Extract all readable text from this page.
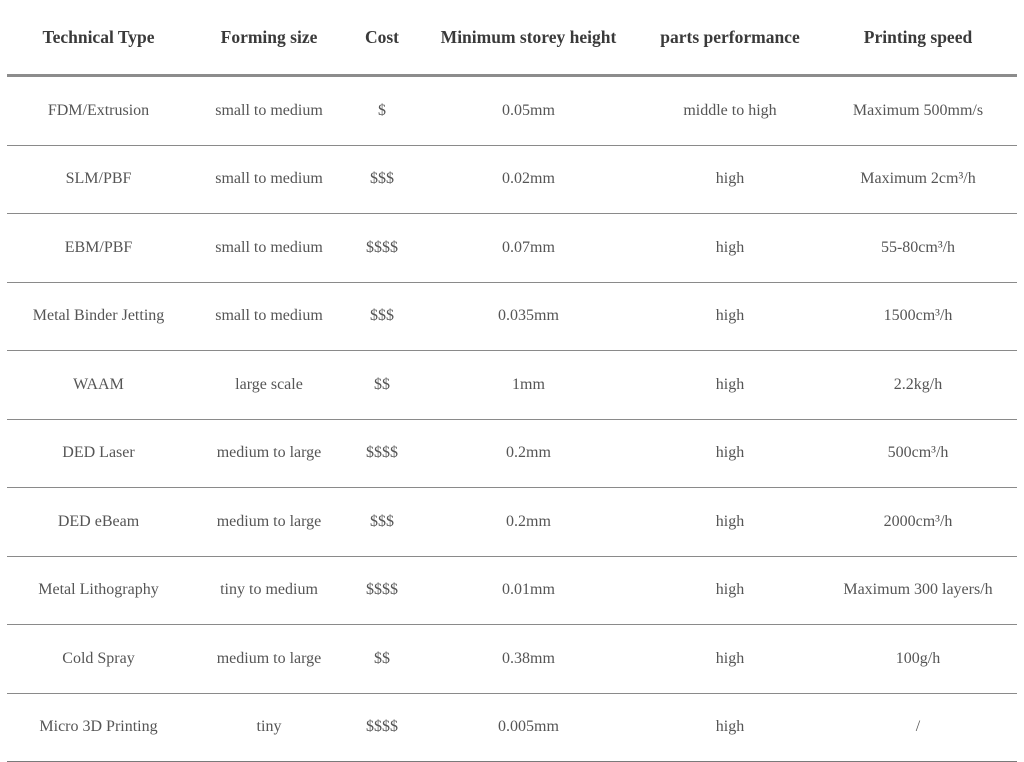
Technical Type	Forming size	Cost	Minimum storey height	parts performance	Printing speed
FDM/Extrusion	small to medium	$	0.05mm	middle to high	Maximum 500mm/s
SLM/PBF	small to medium	$$$	0.02mm	high	Maximum 2cm³/h
EBM/PBF	small to medium	$$$$	0.07mm	high	55-80cm³/h
Metal Binder Jetting	small to medium	$$$	0.035mm	high	1500cm³/h
WAAM	large scale	$$	1mm	high	2.2kg/h
DED Laser	medium to large	$$$$	0.2mm	high	500cm³/h
DED eBeam	medium to large	$$$	0.2mm	high	2000cm³/h
Metal Lithography	tiny to medium	$$$$	0.01mm	high	Maximum 300 layers/h
Cold Spray	medium to large	$$	0.38mm	high	100g/h
Micro 3D Printing	tiny	$$$$	0.005mm	high	/
